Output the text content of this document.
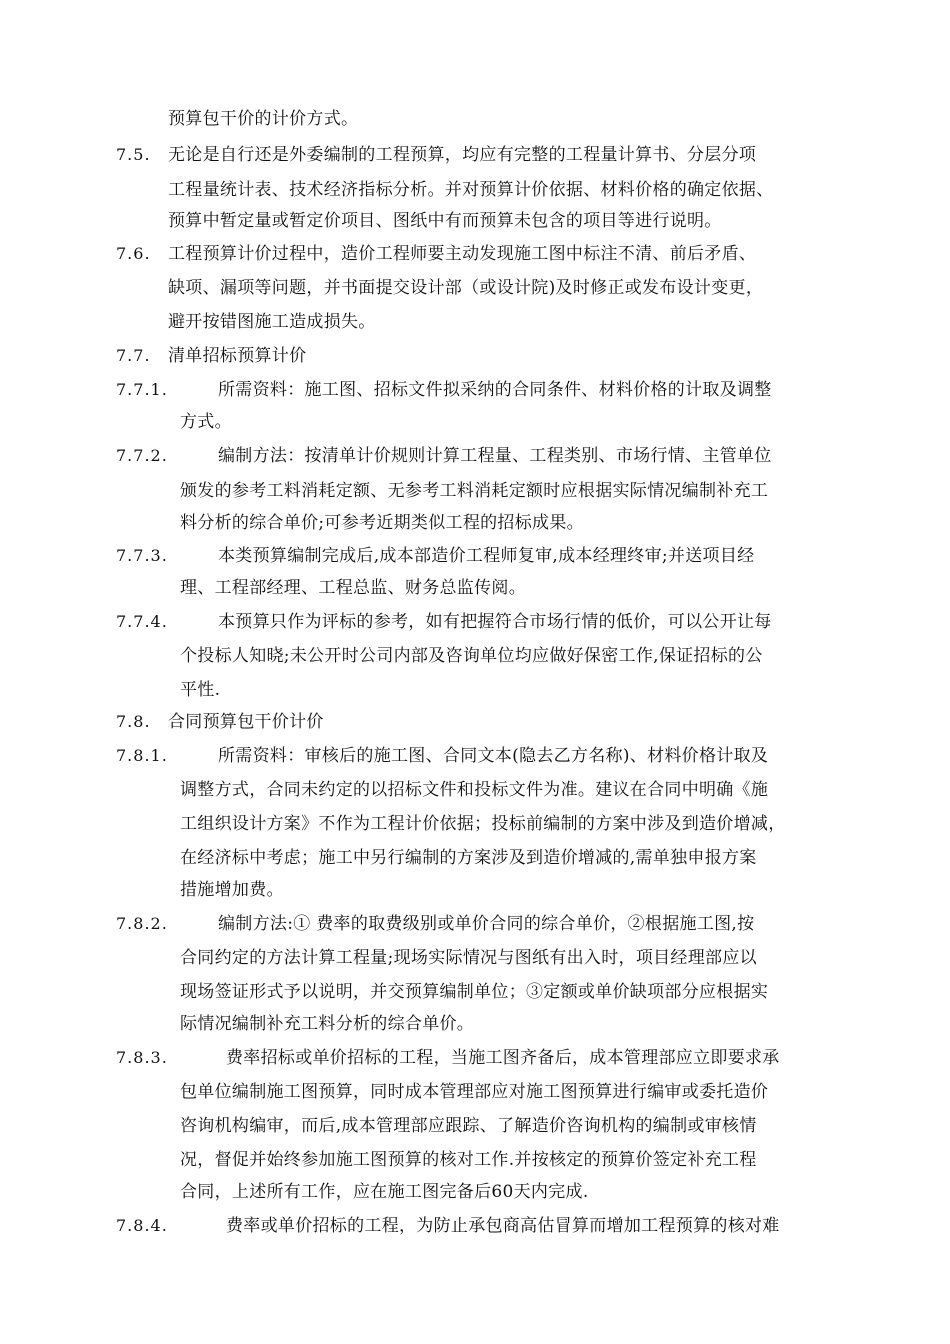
预算包干价的计价方式。
7.5. 无论是自行还是外委编制的工程预算，均应有完整的工程量计算书、分层分项
工程量统计表、技术经济指标分析。并对预算计价依据、材料价格的确定依据、
预算中暂定量或暂定价项目、图纸中有而预算未包含的项目等进行说明。
7.6. 工程预算计价过程中，造价工程师要主动发现施工图中标注不清、前后矛盾、
缺项、漏项等问题，并书面提交设计部（或设计院)及时修正或发布设计变更，
避开按错图施工造成损失。
7.7. 清单招标预算计价
7.7.1.	所需资料：施工图、招标文件拟采纳的合同条件、材料价格的计取及调整
方式。
7.7.2.	编制方法：按清单计价规则计算工程量、工程类别、市场行情、主管单位
颁发的参考工料消耗定额、无参考工料消耗定额时应根据实际情况编制补充工
料分析的综合单价;可参考近期类似工程的招标成果。
7.7.3.	本类预算编制完成后,成本部造价工程师复审,成本经理终审;并送项目经
理、工程部经理、工程总监、财务总监传阅。
7.7.4.	本预算只作为评标的参考，如有把握符合市场行情的低价，可以公开让每
个投标人知晓;未公开时公司内部及咨询单位均应做好保密工作,保证招标的公
平性.
7.8. 合同预算包干价计价
7.8.1.	所需资料：审核后的施工图、合同文本(隐去乙方名称)、材料价格计取及
调整方式，合同未约定的以招标文件和投标文件为准。建议在合同中明确《施
工组织设计方案》不作为工程计价依据；投标前编制的方案中涉及到造价增减，
在经济标中考虑；施工中另行编制的方案涉及到造价增减的,需单独申报方案
措施增加费。
7.8.2.	编制方法:① 费率的取费级别或单价合同的综合单价，②根据施工图,按
合同约定的方法计算工程量;现场实际情况与图纸有出入时，项目经理部应以
现场签证形式予以说明，并交预算编制单位；③定额或单价缺项部分应根据实
际情况编制补充工料分析的综合单价。
7.8.3.	费率招标或单价招标的工程，当施工图齐备后，成本管理部应立即要求承
包单位编制施工图预算，同时成本管理部应对施工图预算进行编审或委托造价
咨询机构编审，而后,成本管理部应跟踪、了解造价咨询机构的编制或审核情
况，督促并始终参加施工图预算的核对工作.并按核定的预算价签定补充工程
合同，上述所有工作，应在施工图完备后60天内完成.
7.8.4.	费率或单价招标的工程，为防止承包商高估冒算而增加工程预算的核对难
